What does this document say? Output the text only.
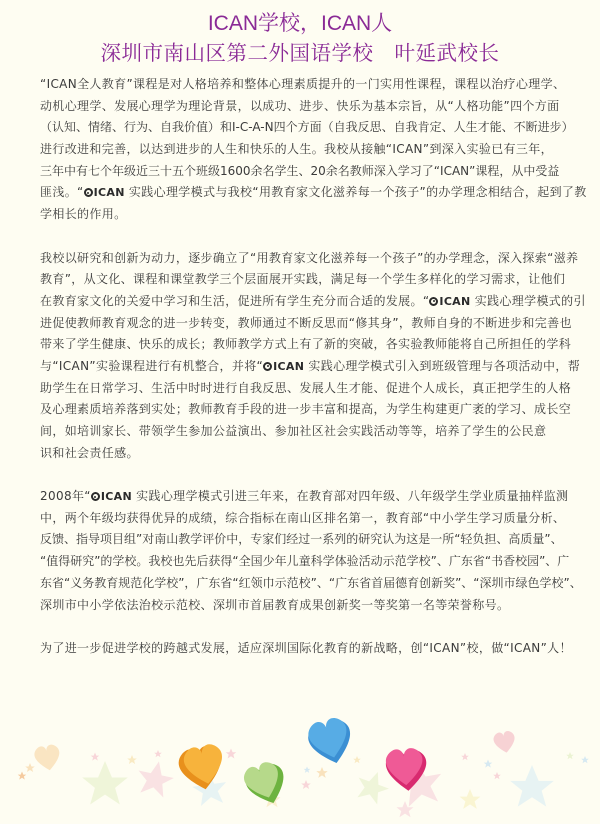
ICAN学校，ICAN人
深圳市南山区第二外国语学校　叶延武校长
“ICAN全人教育”课程是对人格培养和整体心理素质提升的一门实用性课程，课程以治疗心理学、
动机心理学、发展心理学为理论背景，以成功、进步、快乐为基本宗旨，从“人格功能”四个方面
（认知、情绪、行为、自我价值）和I-C-A-N四个方面（自我反思、自我肯定、人生才能、不断进步）
进行改进和完善，以达到进步的人生和快乐的人生。我校从接触“ICAN”到深入实验已有三年，
三年中有七个年级近三十五个班级1600余名学生、20余名教师深入学习了“ICAN”课程，从中受益
匪浅。“ ICAN 实践心理学模式与我校“用教育家文化滋养每一个孩子”的办学理念相结合，起到了教
学相长的作用。
我校以研究和创新为动力，逐步确立了“用教育家文化滋养每一个孩子”的办学理念，深入探索“滋养
教育”，从文化、课程和课堂教学三个层面展开实践，满足每一个学生多样化的学习需求，让他们
在教育家文化的关爱中学习和生活，促进所有学生充分而合适的发展。“ ICAN 实践心理学模式的引
进促使教师教育观念的进一步转变，教师通过不断反思而“修其身”，教师自身的不断进步和完善也
带来了学生健康、快乐的成长；教师教学方式上有了新的突破，各实验教师能将自己所担任的学科
与“ICAN”实验课程进行有机整合，并将“ ICAN 实践心理学模式引入到班级管理与各项活动中，帮
助学生在日常学习、生活中时时进行自我反思、发展人生才能、促进个人成长，真正把学生的人格
及心理素质培养落到实处；教师教育手段的进一步丰富和提高，为学生构建更广袤的学习、成长空
间，如培训家长、带领学生参加公益演出、参加社区社会实践活动等等，培养了学生的公民意
识和社会责任感。
2008年“ ICAN 实践心理学模式引进三年来，在教育部对四年级、八年级学生学业质量抽样监测
中，两个年级均获得优异的成绩，综合指标在南山区排名第一，教育部“中小学生学习质量分析、
反馈、指导项目组”对南山教学评价中，专家们经过一系列的研究认为这是一所“轻负担、高质量”、
“值得研究”的学校。我校也先后获得“全国少年儿童科学体验活动示范学校”、广东省“书香校园”、广
东省“义务教育规范化学校”，广东省“红领巾示范校”、“广东省首届德育创新奖”、“深圳市绿色学校”、
深圳市中小学依法治校示范校、深圳市首届教育成果创新奖一等奖第一名等荣誉称号。
为了进一步促进学校的跨越式发展，适应深圳国际化教育的新战略，创“ICAN”校，做“ICAN”人！
